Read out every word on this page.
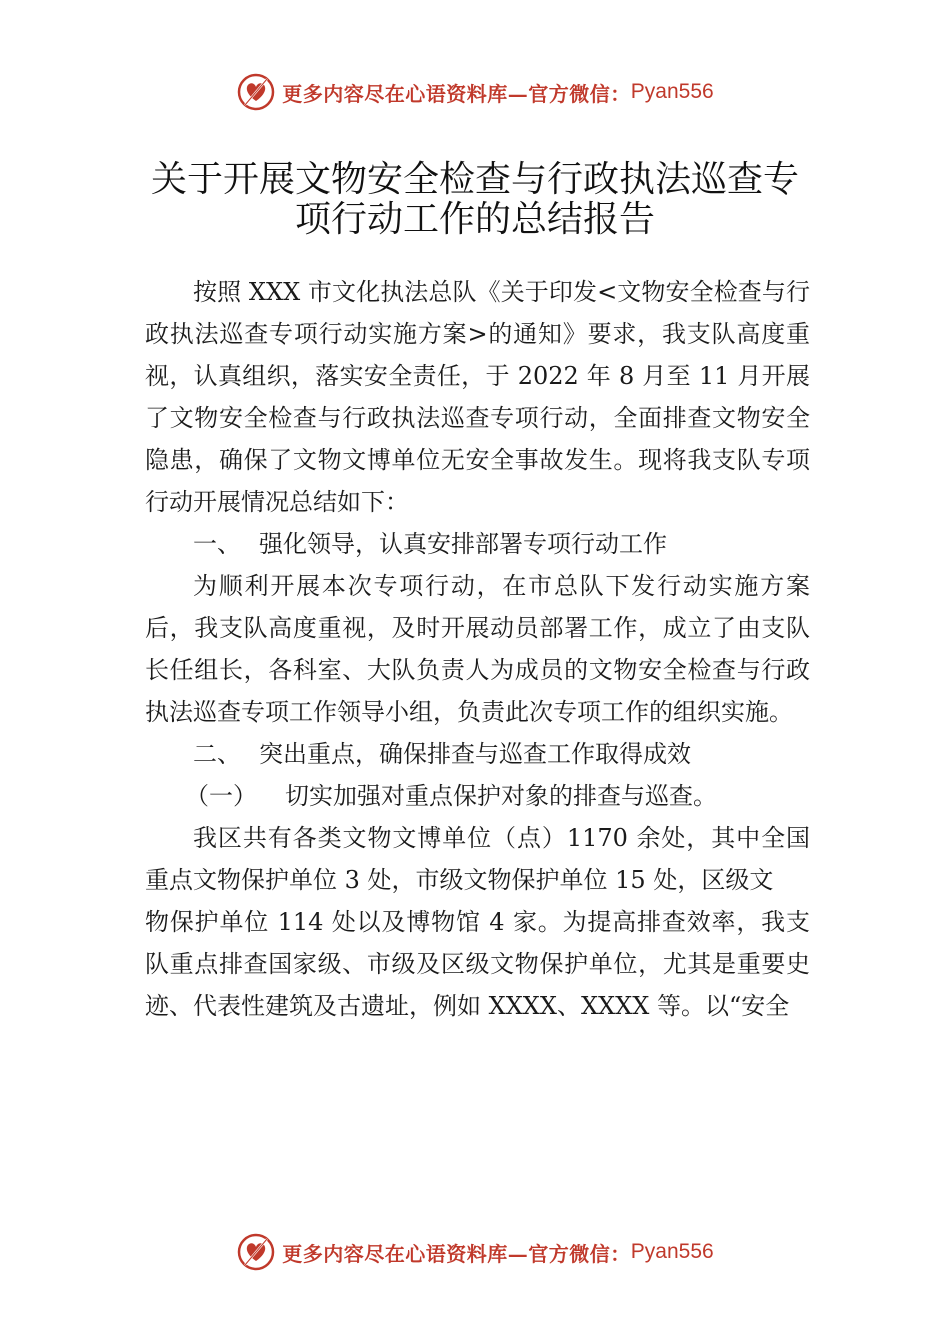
更多内容尽在心语资料库—官方微信： Pyan556
关于开展文物安全检查与行政执法巡查专
项行动工作的总结报告

按照 XXX 市文化执法总队《关于印发<文物安全检查与行政执法巡查专项行动实施方案>的通知》要求，我支队高度重视，认真组织，落实安全责任，于 2022 年 8 月至 11 月开展了文物安全检查与行政执法巡查专项行动，全面排查文物安全隐患，确保了文物文博单位无安全事故发生。现将我支队专项行动开展情况总结如下：

一、 强化领导，认真安排部署专项行动工作

为顺利开展本次专项行动，在市总队下发行动实施方案后，我支队高度重视，及时开展动员部署工作，成立了由支队长任组长，各科室、大队负责人为成员的文物安全检查与行政执法巡查专项工作领导小组，负责此次专项工作的组织实施。

二、 突出重点，确保排查与巡查工作取得成效

（一） 切实加强对重点保护对象的排查与巡查。

我区共有各类文物文博单位（点）1170 余处，其中全国重点文物保护单位 3 处，市级文物保护单位 15 处，区级文

物保护单位 114 处以及博物馆 4 家。为提高排查效率，我支队重点排查国家级、市级及区级文物保护单位，尤其是重要史迹、代表性建筑及古遗址，例如 XXXX、XXXX 等。以“安全

更多内容尽在心语资料库—官方微信： Pyan556
